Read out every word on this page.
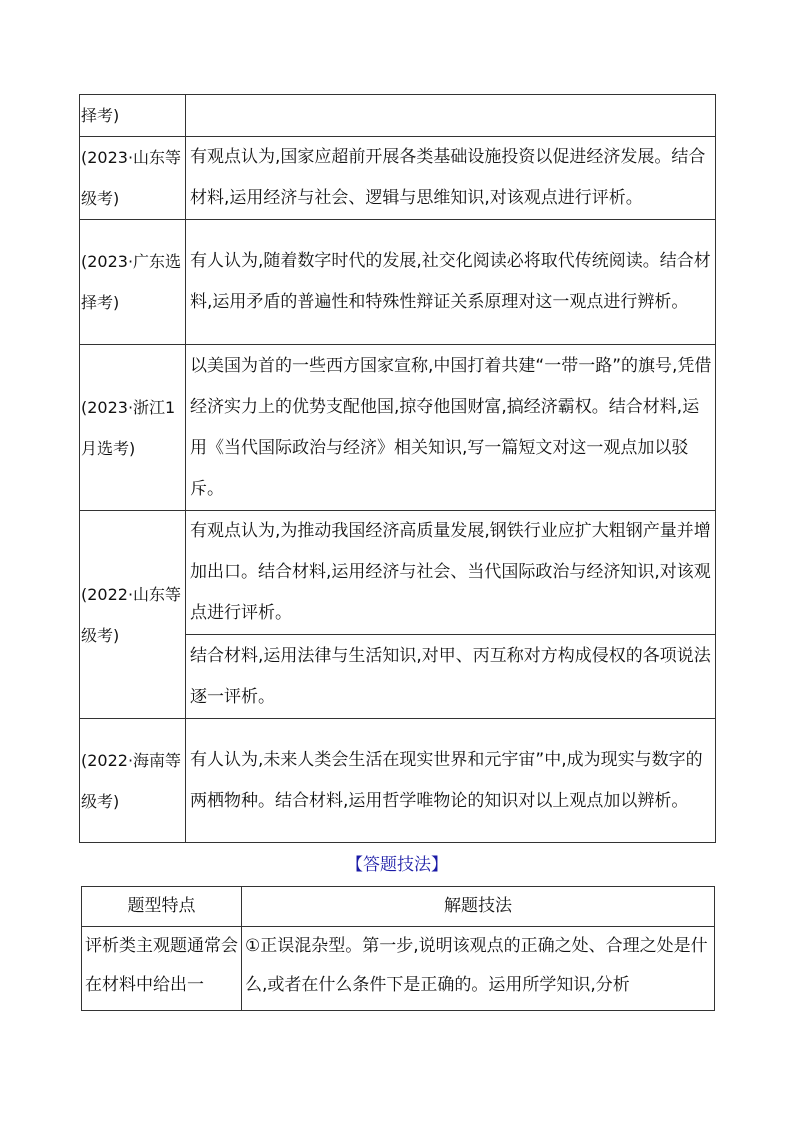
择考)	
(2023·山东等级考)	有观点认为,国家应超前开展各类基础设施投资以促进经济发展。结合材料,运用经济与社会、逻辑与思维知识,对该观点进行评析。
(2023·广东选择考)	有人认为,随着数字时代的发展,社交化阅读必将取代传统阅读。结合材料,运用矛盾的普遍性和特殊性辩证关系原理对这一观点进行辨析。
(2023·浙江1月选考)	以美国为首的一些西方国家宣称,中国打着共建“一带一路”的旗号,凭借经济实力上的优势支配他国,掠夺他国财富,搞经济霸权。结合材料,运用《当代国际政治与经济》相关知识,写一篇短文对这一观点加以驳斥。
(2022·山东等级考)	有观点认为,为推动我国经济高质量发展,钢铁行业应扩大粗钢产量并增加出口。结合材料,运用经济与社会、当代国际政治与经济知识,对该观点进行评析。
	结合材料,运用法律与生活知识,对甲、丙互称对方构成侵权的各项说法逐一评析。
(2022·海南等级考)	有人认为,未来人类会生活在现实世界和元宇宙”中,成为现实与数字的两栖物种。结合材料,运用哲学唯物论的知识对以上观点加以辨析。
【答题技法】
题型特点	解题技法
评析类主观题通常会在材料中给出一	①正误混杂型。第一步,说明该观点的正确之处、合理之处是什么,或者在什么条件下是正确的。运用所学知识,分析
